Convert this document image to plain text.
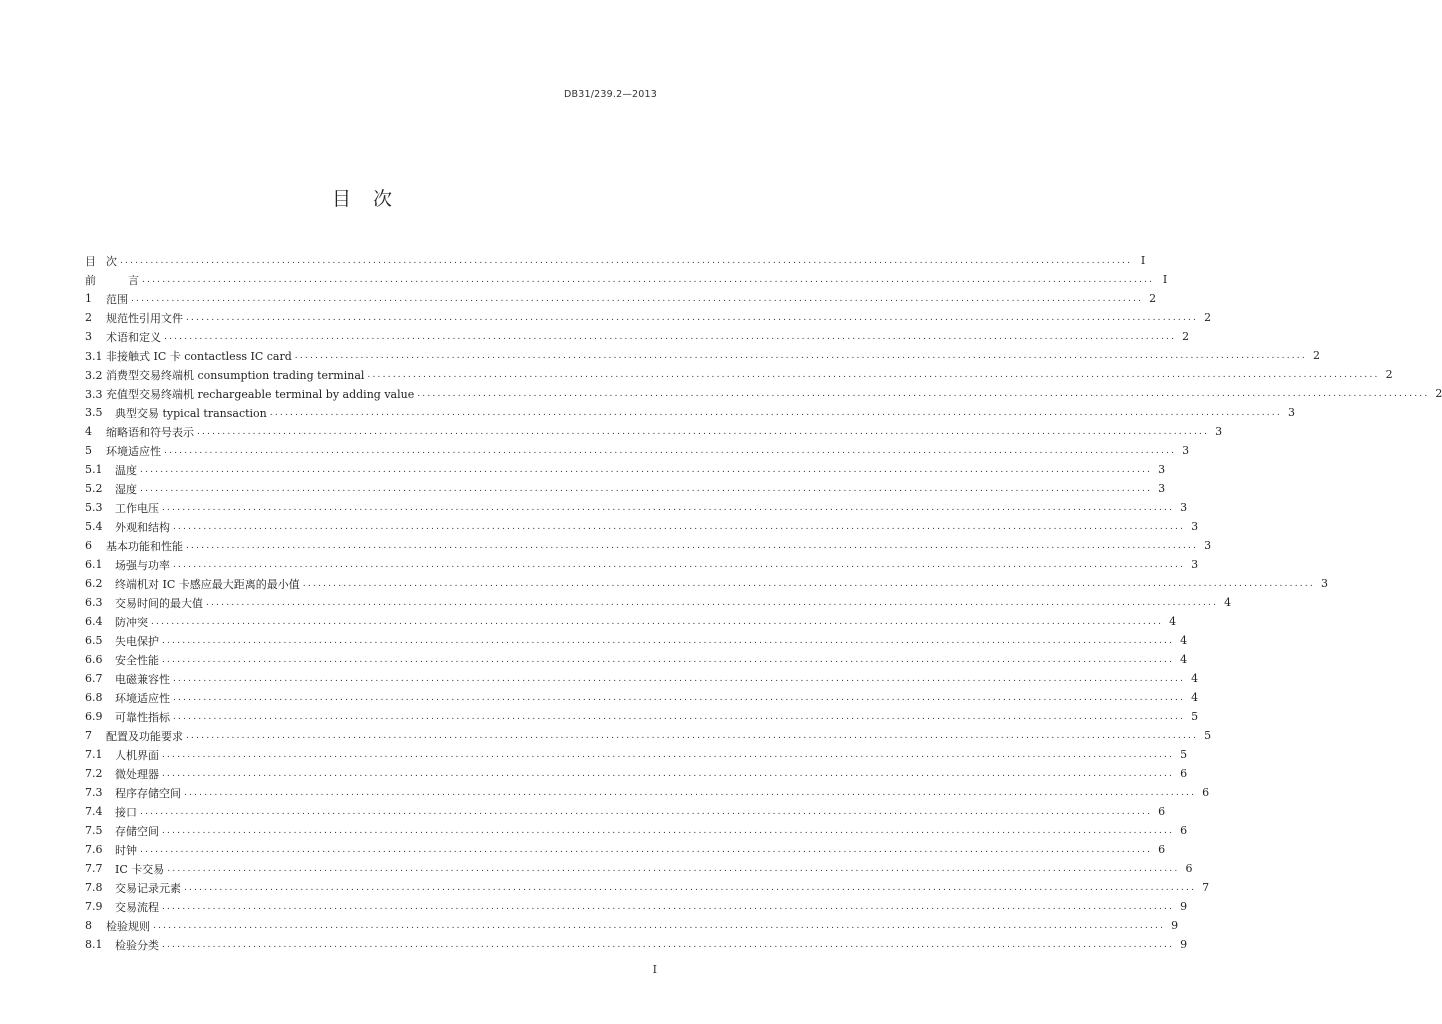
DB31/239.2—2013
目次
目 次 ........................................................................................................................................................................................................ I
前 　　言 ........................................................................................................................................................................................................ I
1	范围 ........................................................................................................................................................................................................ 2
2	规范性引用文件 ........................................................................................................................................................................................................ 2
3	术语和定义 ........................................................................................................................................................................................................ 2
3.1 非接触式 IC 卡 contactless IC card ........................................................................................................................................................................................................ 2
3.2 消费型交易终端机 consumption trading terminal ........................................................................................................................................................................................................ 2
3.3 充值型交易终端机 rechargeable terminal by adding value ........................................................................................................................................................................................................ 2
3.5	典型交易 typical transaction ........................................................................................................................................................................................................ 3
4	缩略语和符号表示 ........................................................................................................................................................................................................ 3
5	环境适应性 ........................................................................................................................................................................................................ 3
5.1	温度 ........................................................................................................................................................................................................ 3
5.2	湿度 ........................................................................................................................................................................................................ 3
5.3	工作电压 ........................................................................................................................................................................................................ 3
5.4	外观和结构 ........................................................................................................................................................................................................ 3
6	基本功能和性能 ........................................................................................................................................................................................................ 3
6.1	场强与功率 ........................................................................................................................................................................................................ 3
6.2	终端机对 IC 卡感应最大距离的最小值 ........................................................................................................................................................................................................ 3
6.3	交易时间的最大值 ........................................................................................................................................................................................................ 4
6.4	防冲突 ........................................................................................................................................................................................................ 4
6.5	失电保护 ........................................................................................................................................................................................................ 4
6.6	安全性能 ........................................................................................................................................................................................................ 4
6.7	电磁兼容性 ........................................................................................................................................................................................................ 4
6.8	环境适应性 ........................................................................................................................................................................................................ 4
6.9	可靠性指标 ........................................................................................................................................................................................................ 5
7	配置及功能要求 ........................................................................................................................................................................................................ 5
7.1	人机界面 ........................................................................................................................................................................................................ 5
7.2	微处理器 ........................................................................................................................................................................................................ 6
7.3	程序存储空间 ........................................................................................................................................................................................................ 6
7.4	接口 ........................................................................................................................................................................................................ 6
7.5	存储空间 ........................................................................................................................................................................................................ 6
7.6	时钟 ........................................................................................................................................................................................................ 6
7.7	IC 卡交易 ........................................................................................................................................................................................................ 6
7.8	交易记录元素 ........................................................................................................................................................................................................ 7
7.9	交易流程 ........................................................................................................................................................................................................ 9
8	检验规则 ........................................................................................................................................................................................................ 9
8.1	检验分类 ........................................................................................................................................................................................................ 9
I
